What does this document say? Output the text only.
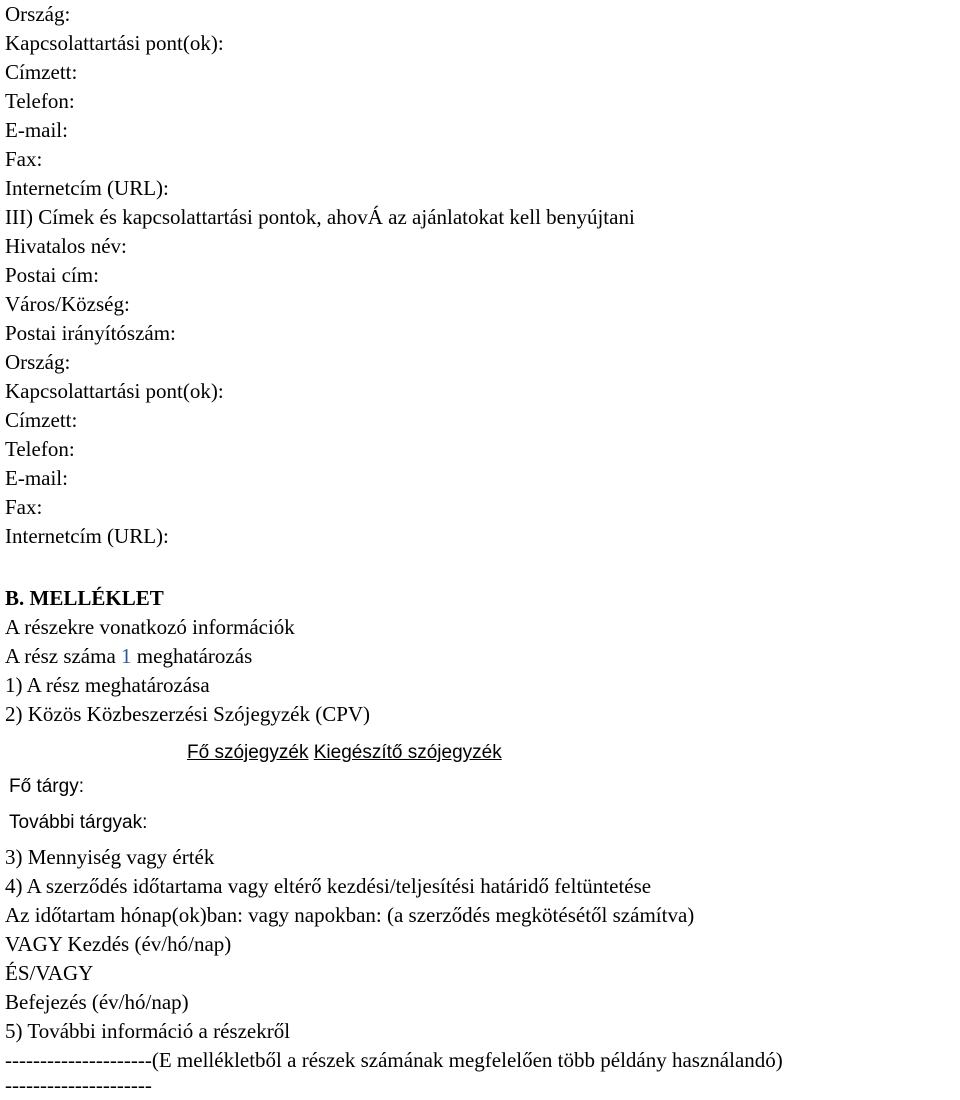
Ország:
Kapcsolattartási pont(ok):
Címzett:
Telefon:
E-mail:
Fax:
Internetcím (URL):
III) Címek és kapcsolattartási pontok, ahovÁ az ajánlatokat kell benyújtani
Hivatalos név:
Postai cím:
Város/Község:
Postai irányítószám:
Ország:
Kapcsolattartási pont(ok):
Címzett:
Telefon:
E-mail:
Fax:
Internetcím (URL):
B. MELLÉKLET
A részekre vonatkozó információk
A rész száma 1 meghatározás
1) A rész meghatározása
2) Közös Közbeszerzési Szójegyzék (CPV)
Fő szójegyzék Kiegészítő szójegyzék
Fő tárgy:
További tárgyak:
3) Mennyiség vagy érték
4) A szerződés időtartama vagy eltérő kezdési/teljesítési határidő feltüntetése
Az időtartam hónap(ok)ban: vagy napokban: (a szerződés megkötésétől számítva)
VAGY Kezdés (év/hó/nap)
ÉS/VAGY
Befejezés (év/hó/nap)
5) További információ a részekről
---------------------(E mellékletből a részek számának megfelelően több példány használandó)
---------------------
